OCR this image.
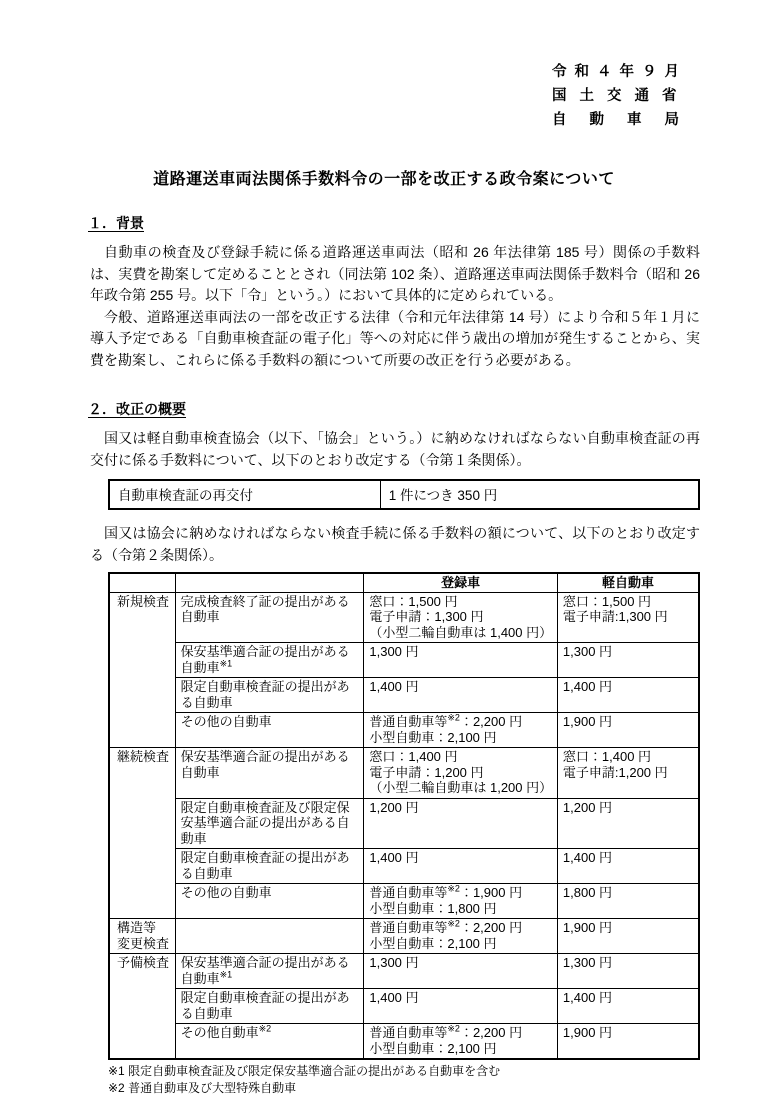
令和４年９月
国土交通省
自動車局
道路運送車両法関係手数料令の一部を改正する政令案について
１．背景

自動車の検査及び登録手続に係る道路運送車両法（昭和 26 年法律第 185 号）関係の手数料は、実費を勘案して定めることとされ（同法第 102 条）、道路運送車両法関係手数料令（昭和 26 年政令第 255 号。以下「令」という。）において具体的に定められている。

今般、道路運送車両法の一部を改正する法律（令和元年法律第 14 号）により令和５年１月に導入予定である「自動車検査証の電子化」等への対応に伴う歳出の増加が発生することから、実費を勘案し、これらに係る手数料の額について所要の改正を行う必要がある。

２．改正の概要

国又は軽自動車検査協会（以下、「協会」という。）に納めなければならない自動車検査証の再交付に係る手数料について、以下のとおり改定する（令第１条関係）。

自動車検査証の再交付	1 件につき 350 円

国又は協会に納めなければならない検査手続に係る手数料の額について、以下のとおり改定する（令第２条関係）。

		登録車	軽自動車
新規検査	完成検査終了証の提出がある自動車	窓口：1,500 円
電子申請：1,300 円
（小型二輪自動車は 1,400 円）	窓口：1,500 円
電子申請:1,300 円
	保安基準適合証の提出がある自動車$^{※1}$	1,300 円	1,300 円
	限定自動車検査証の提出がある自動車	1,400 円	1,400 円
	その他の自動車	普通自動車等$^{※2}$：2,200 円
小型自動車：2,100 円	1,900 円
継続検査	保安基準適合証の提出がある自動車	窓口：1,400 円
電子申請：1,200 円
（小型二輪自動車は 1,200 円）	窓口：1,400 円
電子申請:1,200 円
	限定自動車検査証及び限定保安基準適合証の提出がある自動車	1,200 円	1,200 円
	限定自動車検査証の提出がある自動車	1,400 円	1,400 円
	その他の自動車	普通自動車等$^{※2}$：1,900 円
小型自動車：1,800 円	1,800 円
構造等
変更検査		普通自動車等$^{※2}$：2,200 円
小型自動車：2,100 円	1,900 円
予備検査	保安基準適合証の提出がある自動車$^{※1}$	1,300 円	1,300 円
	限定自動車検査証の提出がある自動車	1,400 円	1,400 円
	その他自動車$^{※2}$	普通自動車等$^{※2}$：2,200 円
小型自動車：2,100 円	1,900 円
※1 限定自動車検査証及び限定保安基準適合証の提出がある自動車を含む
※2 普通自動車及び大型特殊自動車
